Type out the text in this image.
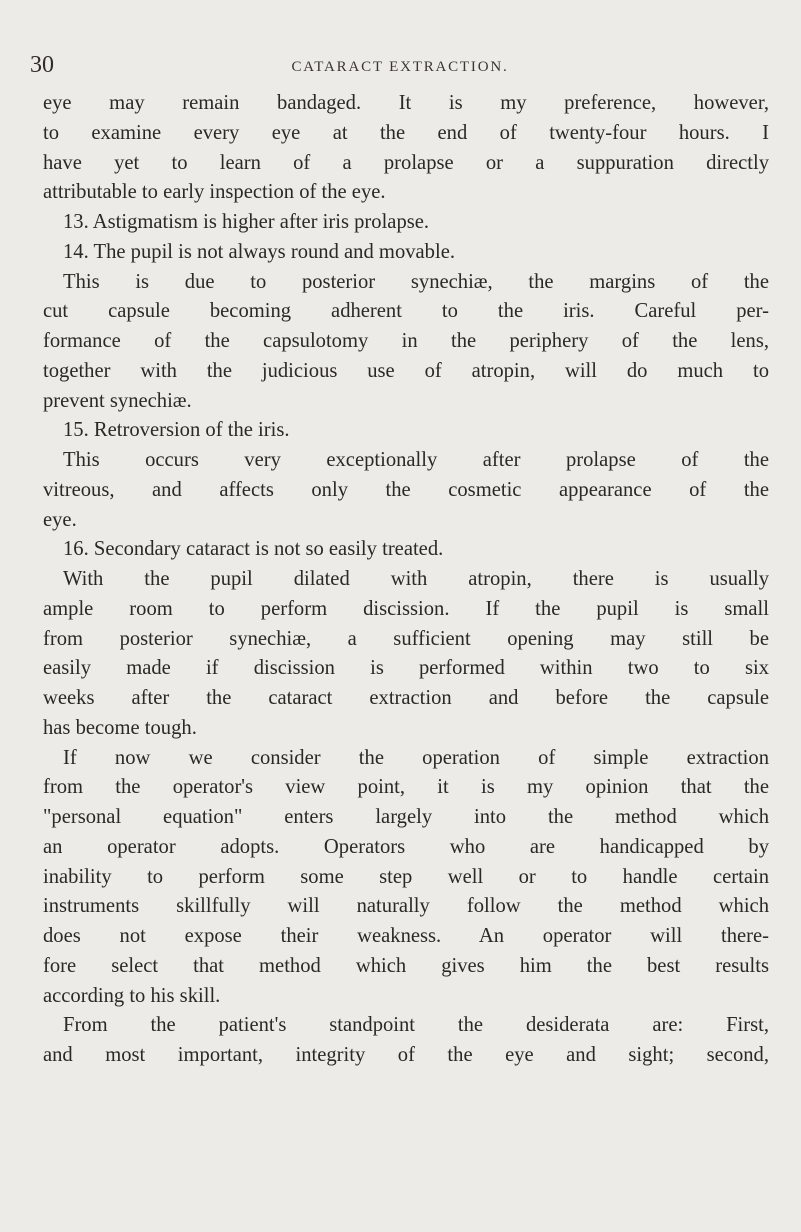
30	CATARACT EXTRACTION.
eye may remain bandaged. It is my preference, however,
to examine every eye at the end of twenty-four hours. I
have yet to learn of a prolapse or a suppuration directly
attributable to early inspection of the eye.
13. Astigmatism is higher after iris prolapse.
14. The pupil is not always round and movable.
This is due to posterior synechiæ, the margins of the
cut capsule becoming adherent to the iris. Careful per-
formance of the capsulotomy in the periphery of the lens,
together with the judicious use of atropin, will do much to
prevent synechiæ.
15. Retroversion of the iris.
This occurs very exceptionally after prolapse of the
vitreous, and affects only the cosmetic appearance of the
eye.
16. Secondary cataract is not so easily treated.
With the pupil dilated with atropin, there is usually
ample room to perform discission. If the pupil is small
from posterior synechiæ, a sufficient opening may still be
easily made if discission is performed within two to six
weeks after the cataract extraction and before the capsule
has become tough.
If now we consider the operation of simple extraction
from the operator's view point, it is my opinion that the
"personal equation" enters largely into the method which
an operator adopts. Operators who are handicapped by
inability to perform some step well or to handle certain
instruments skillfully will naturally follow the method which
does not expose their weakness. An operator will there-
fore select that method which gives him the best results
according to his skill.
From the patient's standpoint the desiderata are: First,
and most important, integrity of the eye and sight; second,
